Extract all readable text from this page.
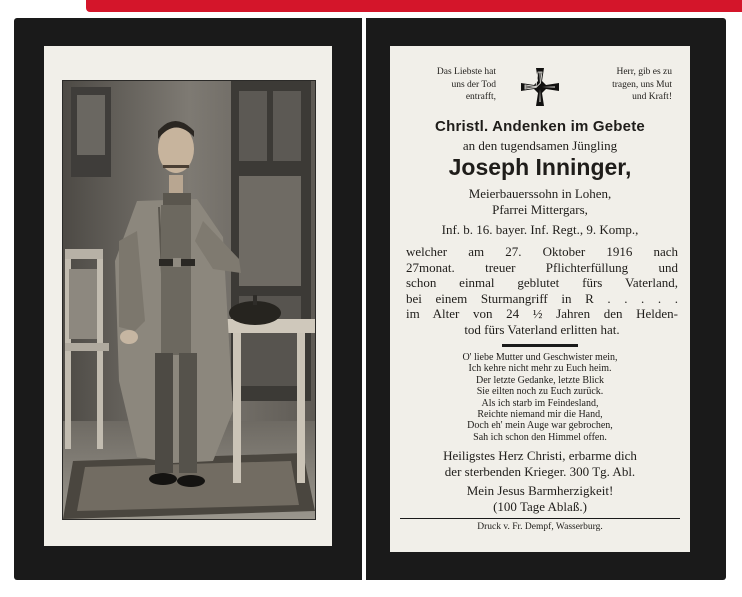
Das Liebste hat
uns der Tod
entrafft,
Herr, gib es zu
tragen, uns Mut
und Kraft!
Christl. Andenken im Gebete
an den tugendsamen Jüngling
Joseph Inninger,
Meierbauerssohn in Lohen,
Pfarrei Mittergars,
Inf. b. 16. bayer. Inf. Regt., 9. Komp.,
welcher am 27. Oktober 1916 nach
27monat. treuer Pflichterfüllung und
schon einmal geblutet fürs Vaterland,
bei einem Sturmangriff in R . . . . .
im Alter von 24 ½ Jahren den Helden-
tod fürs Vaterland erlitten hat.
O' liebe Mutter und Geschwister mein,
Ich kehre nicht mehr zu Euch heim.
Der letzte Gedanke, letzte Blick
Sie eilten noch zu Euch zurück.
Als ich starb im Feindesland,
Reichte niemand mir die Hand,
Doch eh' mein Auge war gebrochen,
Sah ich schon den Himmel offen.
Heiligstes Herz Christi, erbarme dich
der sterbenden Krieger. 300 Tg. Abl.
Mein Jesus Barmherzigkeit!
(100 Tage Ablaß.)
Druck v. Fr. Dempf, Wasserburg.
